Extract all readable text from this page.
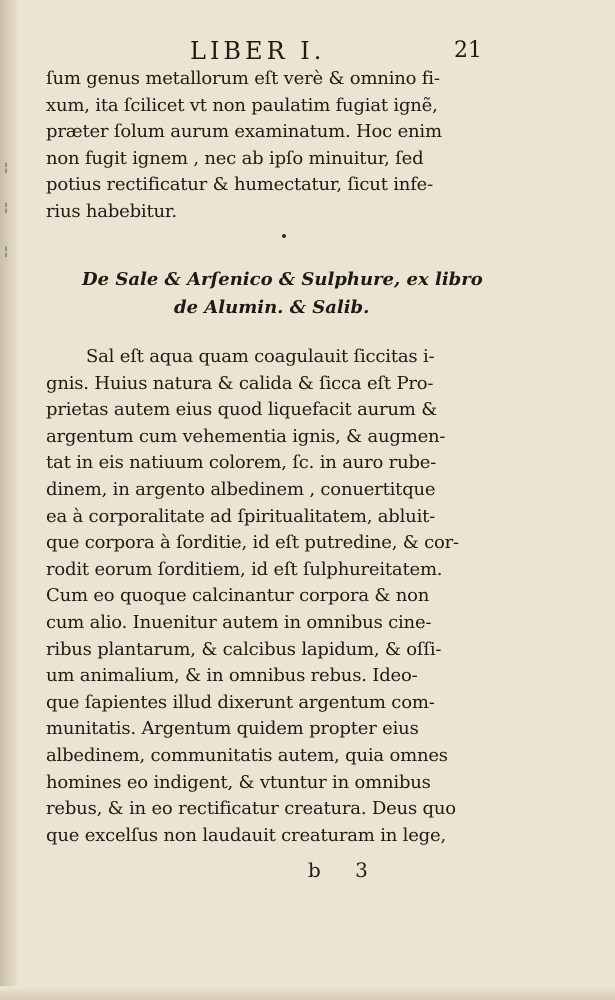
¦
¦
¦
LIBER I.	21
ſum genus metallorum eſt verè & omnino fi-
xum, ita ſcilicet vt non paulatim fugiat ignẽ,
præter ſolum aurum examinatum. Hoc enim
non fugit ignem , nec ab ipſo minuitur, ſed
potius rectificatur & humectatur, ſicut infe-
rius habebitur.
De Sale & Arſenico & Sulphure, ex libro
de Alumin. & Salib.
Sal eſt aqua quam coagulauit ſiccitas i-
gnis. Huius natura & calida & ſicca eſt Pro-
prietas autem eius quod liquefacit aurum &
argentum cum vehementia ignis, & augmen-
tat in eis natiuum colorem, ſc. in auro rube-
dinem, in argento albedinem , conuertitque
ea à corporalitate ad ſpiritualitatem, abluit-
que corpora à ſorditie, id eſt putredine, & cor-
rodit eorum ſorditiem, id eſt ſulphureitatem.
Cum eo quoque calcinantur corpora & non
cum alio. Inuenitur autem in omnibus cine-
ribus plantarum, & calcibus lapidum, & oſſi-
um animalium, & in omnibus rebus. Ideo-
que ſapientes illud dixerunt argentum com-
munitatis. Argentum quidem propter eius
albedinem, communitatis autem, quia omnes
homines eo indigent, & vtuntur in omnibus
rebus, & in eo rectificatur creatura. Deus quo
que excelſus non laudauit creaturam in lege,
b 3
